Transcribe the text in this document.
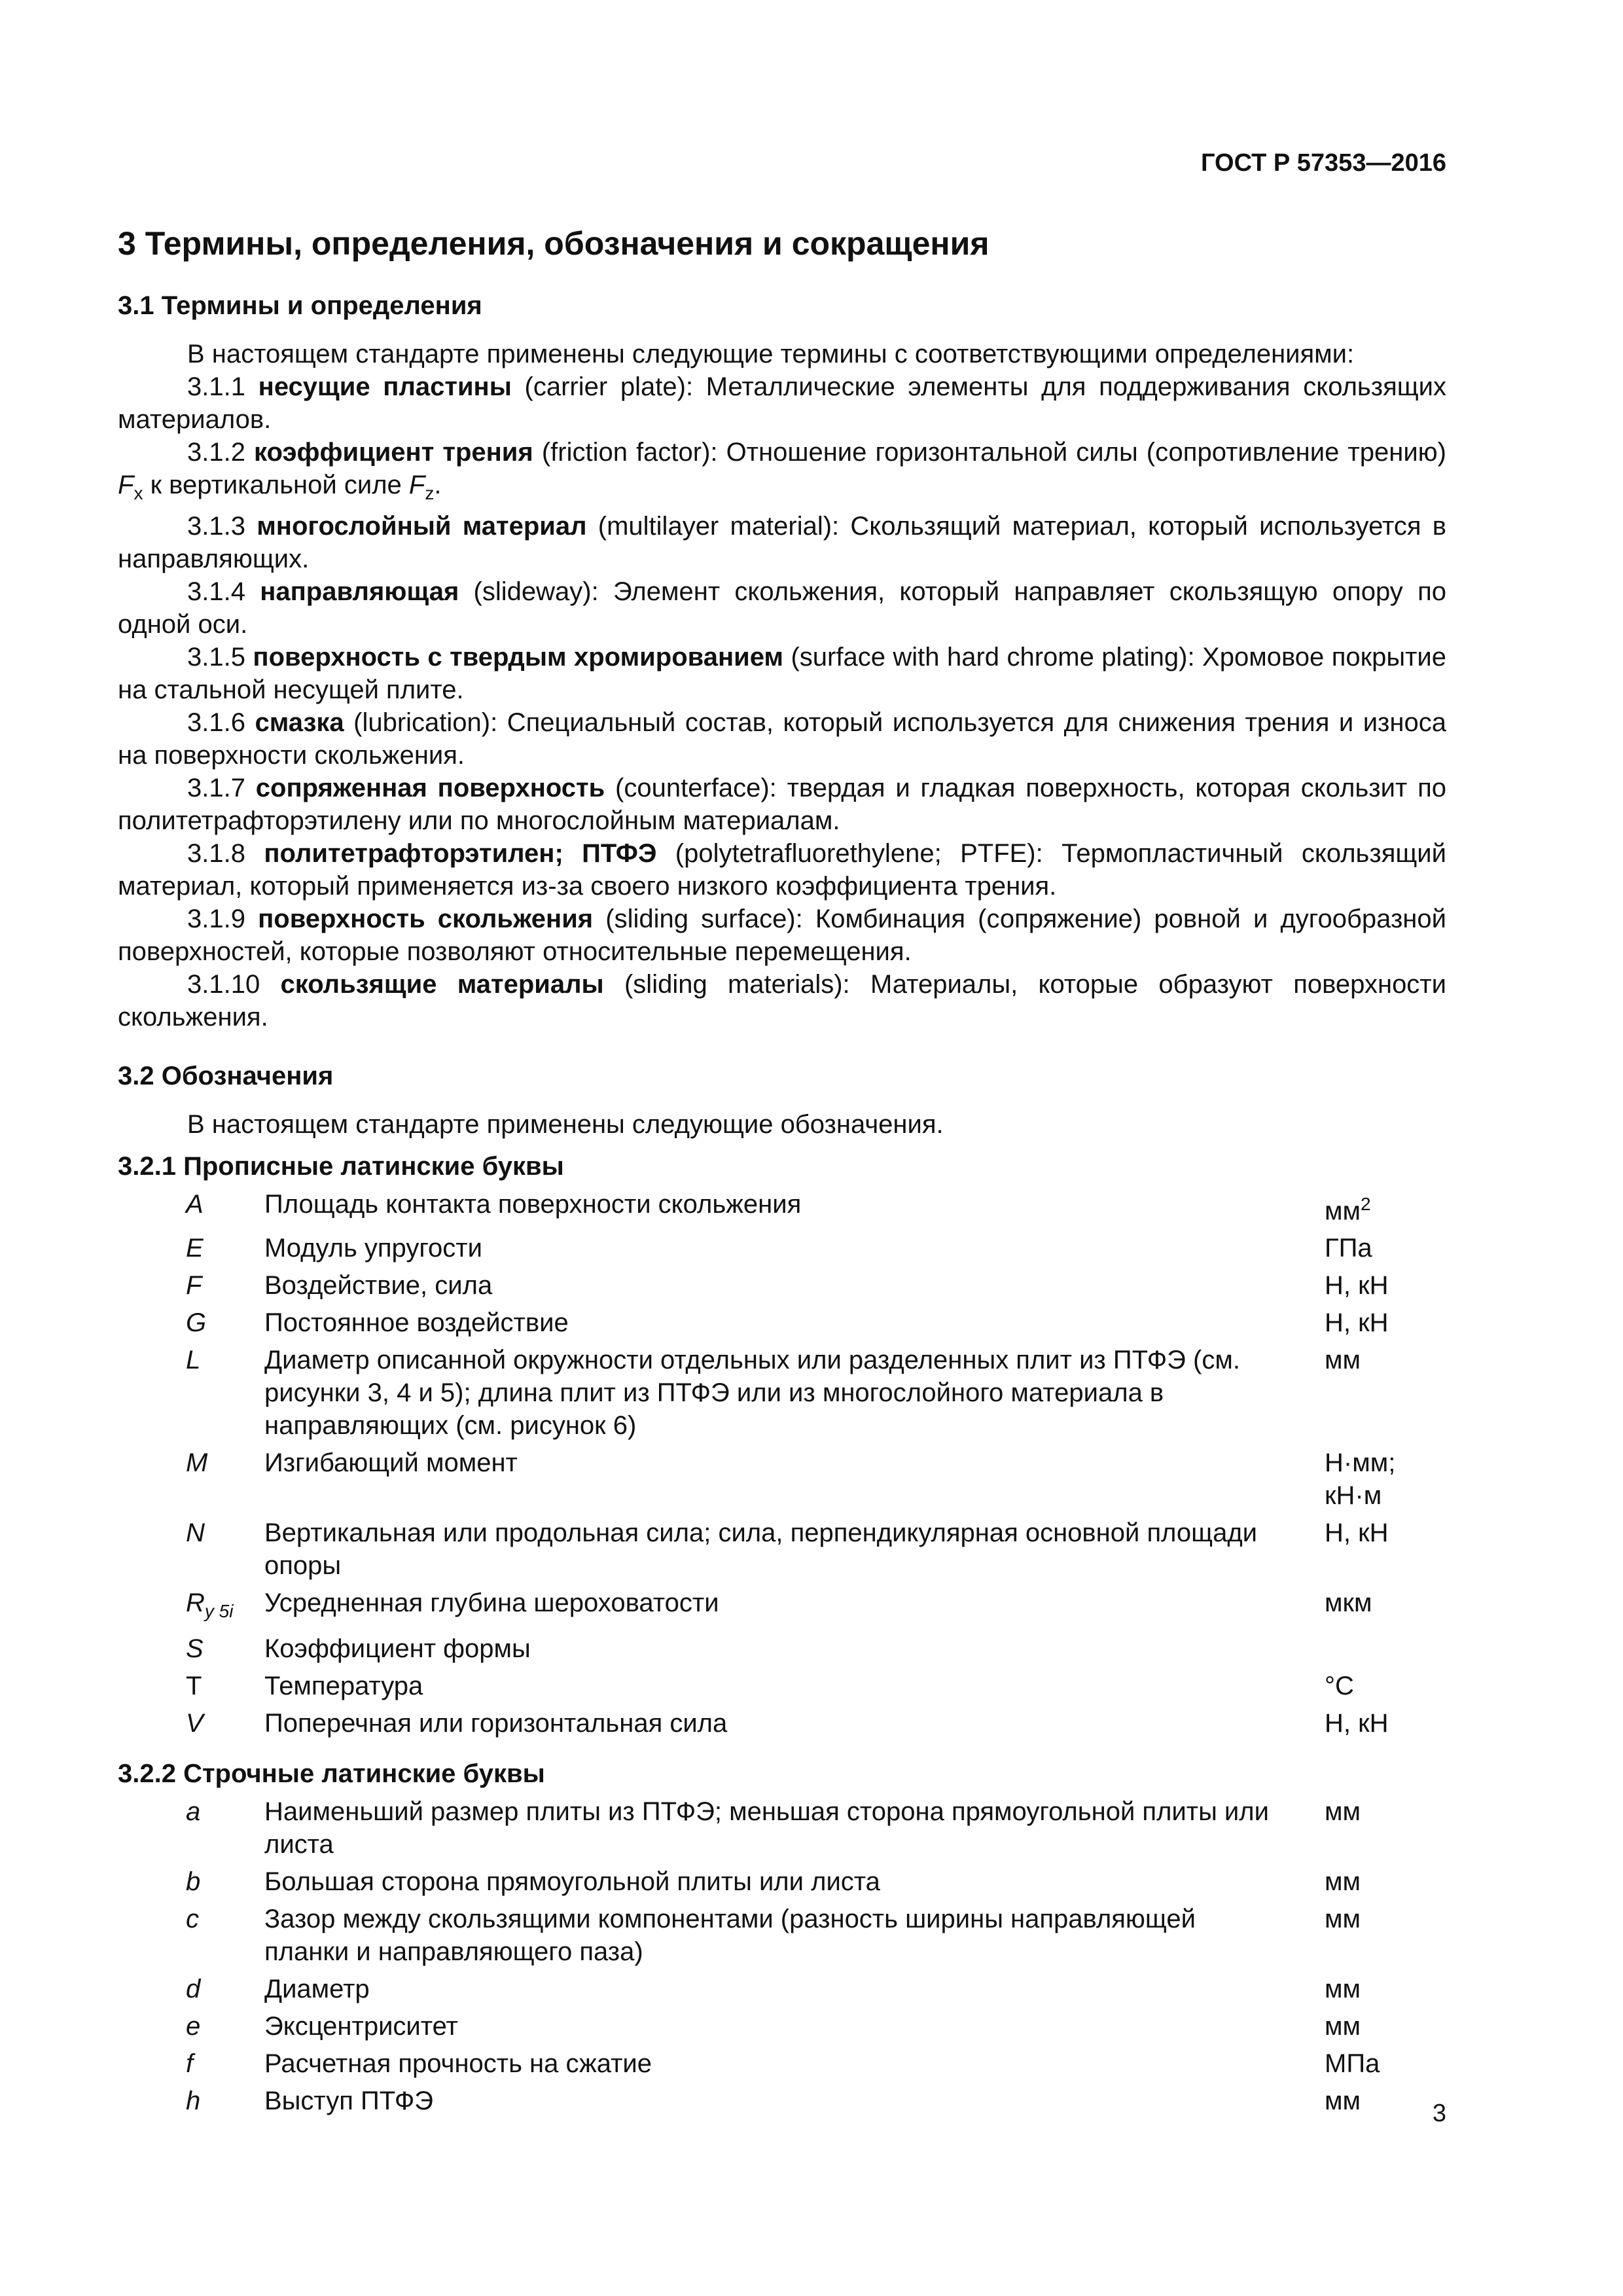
ГОСТ Р 57353—2016
3 Термины, определения, обозначения и сокращения
3.1 Термины и определения

В настоящем стандарте применены следующие термины с соответствующими определениями:

3.1.1 несущие пластины (carrier plate): Металлические элементы для поддерживания скользящих материалов.

3.1.2 коэффициент трения (friction factor): Отношение горизонтальной силы (сопротивление трению) $F_x$ к вертикальной силе $F_z$.

3.1.3 многослойный материал (multilayer material): Скользящий материал, который используется в направляющих.

3.1.4 направляющая (slideway): Элемент скольжения, который направляет скользящую опору по одной оси.

3.1.5 поверхность с твердым хромированием (surface with hard chrome plating): Хромовое покрытие на стальной несущей плите.

3.1.6 смазка (lubrication): Специальный состав, который используется для снижения трения и износа на поверхности скольжения.

3.1.7 сопряженная поверхность (counterface): твердая и гладкая поверхность, которая скользит по политетрафторэтилену или по многослойным материалам.

3.1.8 политетрафторэтилен; ПТФЭ (polytetrafluorethylene; PTFE): Термопластичный скользящий материал, который применяется из-за своего низкого коэффициента трения.

3.1.9 поверхность скольжения (sliding surface): Комбинация (сопряжение) ровной и дугообразной поверхностей, которые позволяют относительные перемещения.

3.1.10 скользящие материалы (sliding materials): Материалы, которые образуют поверхности скольжения.

3.2 Обозначения

В настоящем стандарте применены следующие обозначения.

3.2.1 Прописные латинские буквы
A	Площадь контакта поверхности скольжения	$мм^2$
E	Модуль упругости	ГПа
F	Воздействие, сила	Н, кН
G	Постоянное воздействие	Н, кН
L	Диаметр описанной окружности отдельных или разделенных плит из ПТФЭ (см. рисунки 3, 4 и 5); длина плит из ПТФЭ или из многослойного материала в направляющих (см. рисунок 6)	мм
M	Изгибающий момент	Н·мм; кН·м
N	Вертикальная или продольная сила; сила, перпендикулярная основной площади опоры	Н, кН
$R_{y 5i}$	Усредненная глубина шероховатости	мкм
S	Коэффициент формы	
T	Температура	°C
V	Поперечная или горизонтальная сила	Н, кН
3.2.2 Строчные латинские буквы
a	Наименьший размер плиты из ПТФЭ; меньшая сторона прямоугольной плиты или листа	мм
b	Большая сторона прямоугольной плиты или листа	мм
c	Зазор между скользящими компонентами (разность ширины направляющей планки и направляющего паза)	мм
d	Диаметр	мм
e	Эксцентриситет	мм
f	Расчетная прочность на сжатие	МПа
h	Выступ ПТФЭ	мм	3
